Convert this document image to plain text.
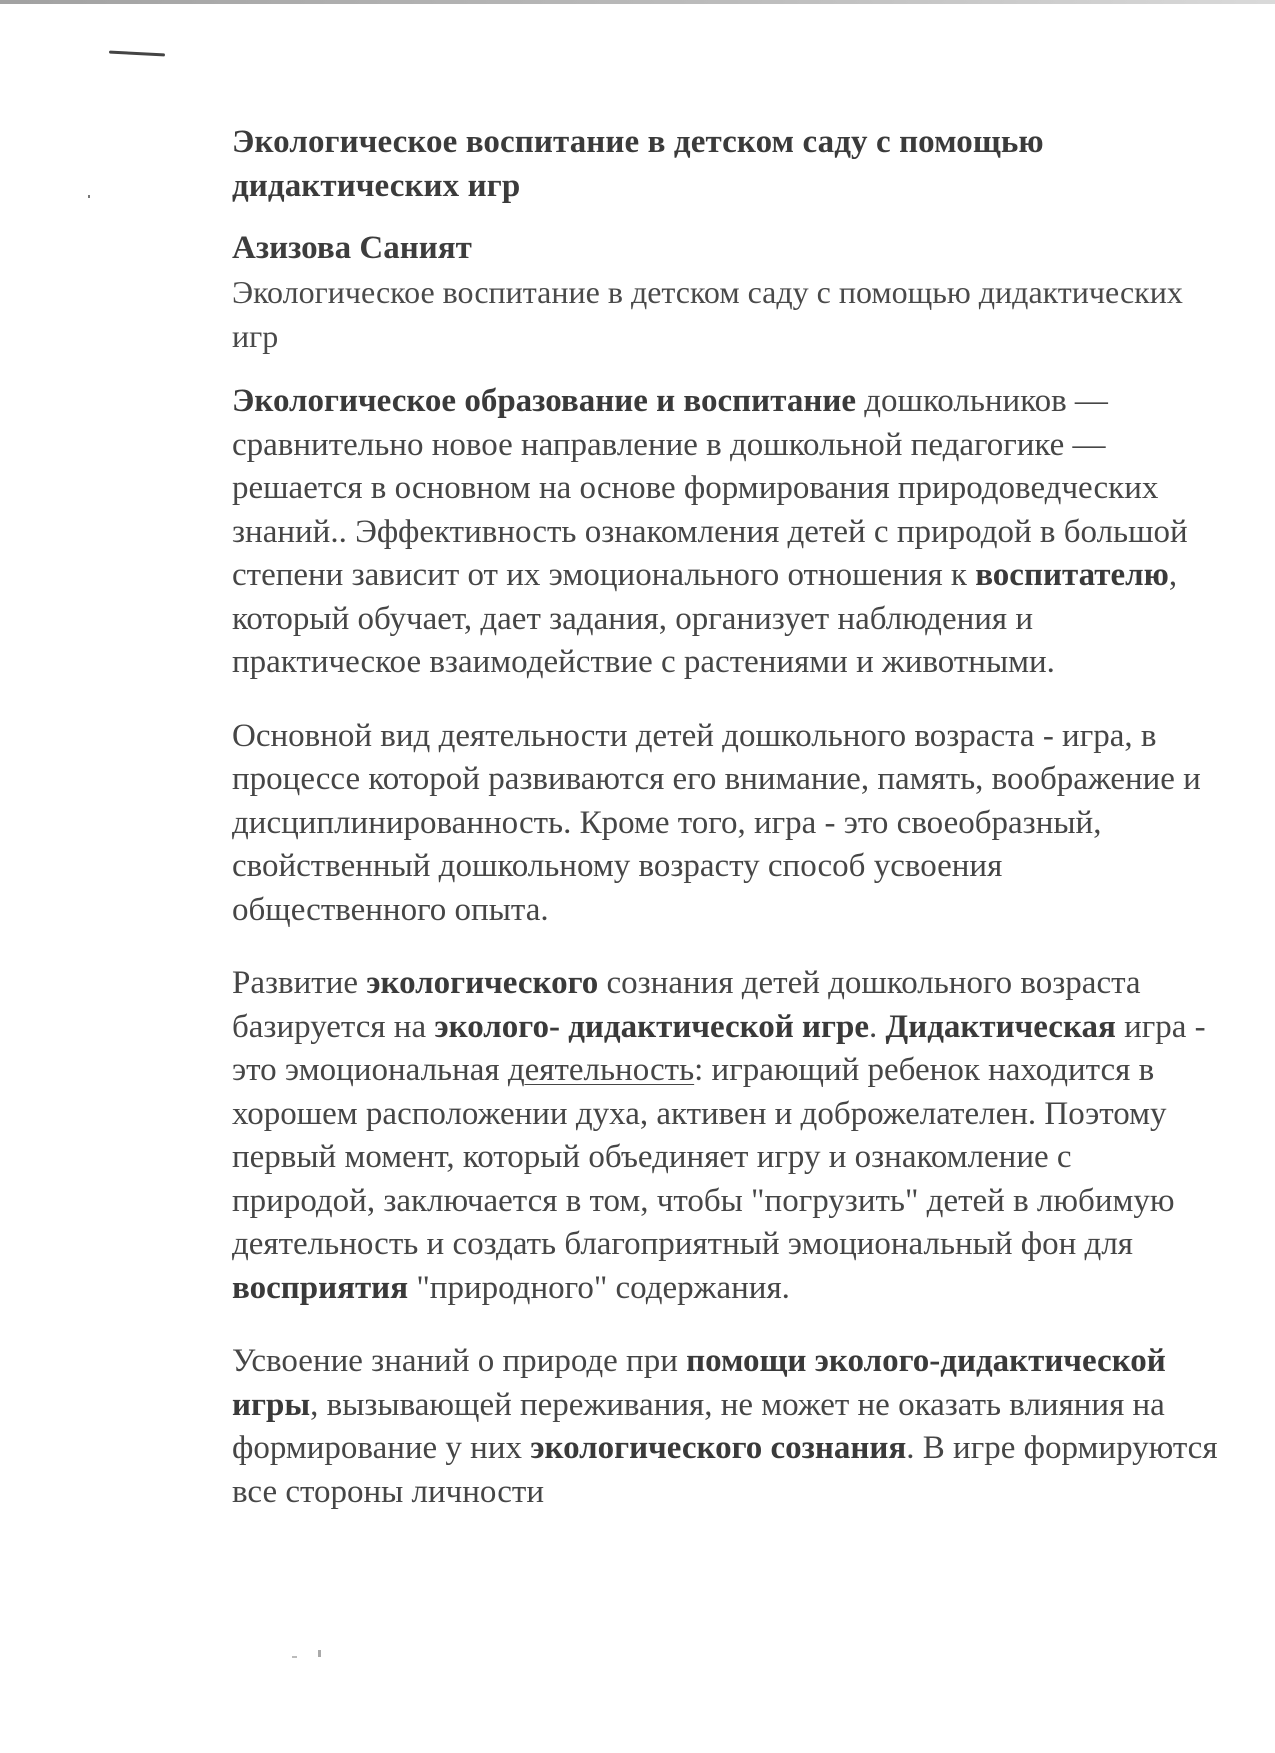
Экологическое воспитание в детском саду с помощью дидактических игр

Азизова Саният

Экологическое воспитание в детском саду с помощью дидактических игр

Экологическое образование и воспитание дошкольников — сравнительно новое направление в дошкольной педагогике — решается в основном на основе формирования природоведческих знаний.. Эффективность ознакомления детей с природой в большой степени зависит от их эмоционального отношения к воспитателю, который обучает, дает задания, организует наблюдения и практическое взаимодействие с растениями и животными.

Основной вид деятельности детей дошкольного возраста - игра, в процессе которой развиваются его внимание, память, воображение и дисциплинированность. Кроме того, игра - это своеобразный, свойственный дошкольному возрасту способ усвоения общественного опыта.

Развитие экологического сознания детей дошкольного возраста базируется на эколого- дидактической игре. Дидактическая игра - это эмоциональная деятельность: играющий ребенок находится в хорошем расположении духа, активен и доброжелателен. Поэтому первый момент, который объединяет игру и ознакомление с природой, заключается в том, чтобы "погрузить" детей в любимую деятельность и создать благоприятный эмоциональный фон для восприятия "природного" содержания.

Усвоение знаний о природе при помощи эколого-дидактической игры, вызывающей переживания, не может не оказать влияния на формирование у них экологического сознания. В игре формируются все стороны личности
